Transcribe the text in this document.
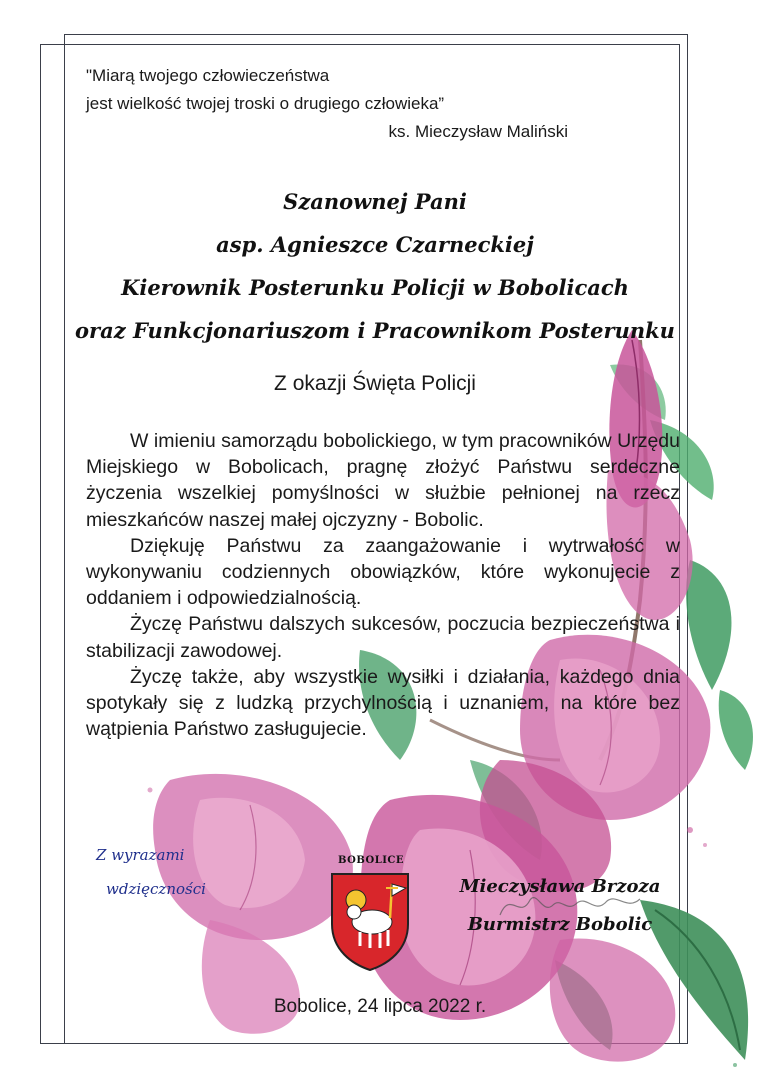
"Miarą twojego człowieczeństwa
jest wielkość twojej troski o drugiego człowieka”
ks. Mieczysław Maliński
Szanownej Pani
asp. Agnieszce Czarneckiej
Kierownik Posterunku Policji w Bobolicach
oraz Funkcjonariuszom i Pracownikom Posterunku
Z okazji Święta Policji

W imieniu samorządu bobolickiego, w tym pracowników Urzędu Miejskiego w Bobolicach, pragnę złożyć Państwu serdeczne życzenia wszelkiej pomyślności w służbie pełnionej na rzecz mieszkańców naszej małej ojczyzny - Bobolic.

Dziękuję Państwu za zaangażowanie i wytrwałość w wykonywaniu codziennych obowiązków, które wykonujecie z oddaniem i odpowiedzialnością.

Życzę Państwu dalszych sukcesów, poczucia bezpieczeństwa i stabilizacji zawodowej.

Życzę także, aby wszystkie wysiłki i działania, każdego dnia spotykały się z ludzką przychylnością i uznaniem, na które bez wątpienia Państwo zasługujecie.

Z wyrazami
wdzięczności
BOBOLICE
Mieczysława Brzoza
Burmistrz Bobolic
Bobolice, 24 lipca 2022 r.
